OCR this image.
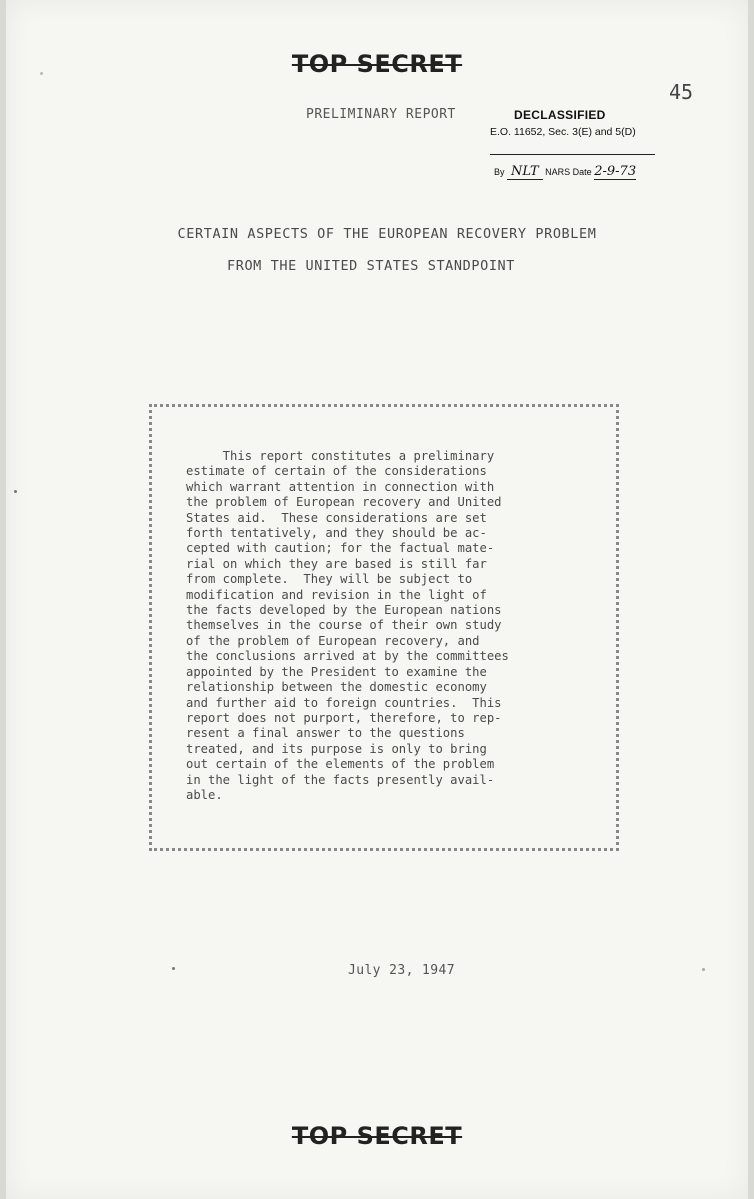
TOP SECRET
45
PRELIMINARY REPORT	DECLASSIFIED
E.O. 11652, Sec. 3(E) and 5(D)
By NLT NARS Date 2-9-73
CERTAIN ASPECTS OF THE EUROPEAN RECOVERY PROBLEM
FROM THE UNITED STATES STANDPOINT
This report constitutes a preliminary
estimate of certain of the considerations
which warrant attention in connection with
the problem of European recovery and United
States aid.  These considerations are set
forth tentatively, and they should be ac-
cepted with caution; for the factual mate-
rial on which they are based is still far
from complete.  They will be subject to
modification and revision in the light of
the facts developed by the European nations
themselves in the course of their own study
of the problem of European recovery, and
the conclusions arrived at by the committees
appointed by the President to examine the
relationship between the domestic economy
and further aid to foreign countries.  This
report does not purport, therefore, to rep-
resent a final answer to the questions
treated, and its purpose is only to bring
out certain of the elements of the problem
in the light of the facts presently avail-
able.
July 23, 1947
TOP SECRET
